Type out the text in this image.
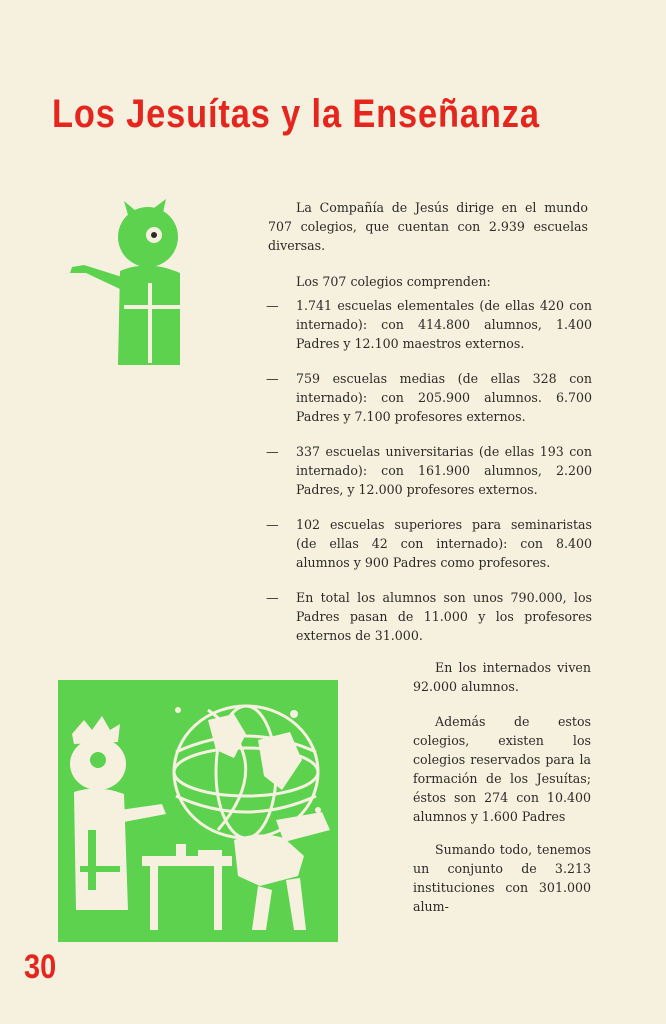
Los Jesuítas y la Enseñanza

La Compañía de Jesús dirige en el mundo 707 colegios, que cuentan con 2.939 escuelas diversas.

Los 707 colegios comprenden:

— 1.741 escuelas elementales (de ellas 420 con internado): con 414.800 alumnos, 1.400 Padres y 12.100 maestros externos.
— 759 escuelas medias (de ellas 328 con internado): con 205.900 alumnos. 6.700 Padres y 7.100 profesores externos.
— 337 escuelas universitarias (de ellas 193 con internado): con 161.900 alumnos, 2.200 Padres, y 12.000 profesores externos.
— 102 escuelas superiores para seminaristas (de ellas 42 con internado): con 8.400 alumnos y 900 Padres como profesores.
— En total los alumnos son unos 790.000, los Padres pasan de 11.000 y los profesores externos de 31.000.

En los internados viven 92.000 alumnos.

Además de estos colegios, existen los colegios reservados para la formación de los Jesuítas; éstos son 274 con 10.400 alumnos y 1.600 Padres

Sumando todo, tenemos un conjunto de 3.213 instituciones con 301.000 alum-

30
